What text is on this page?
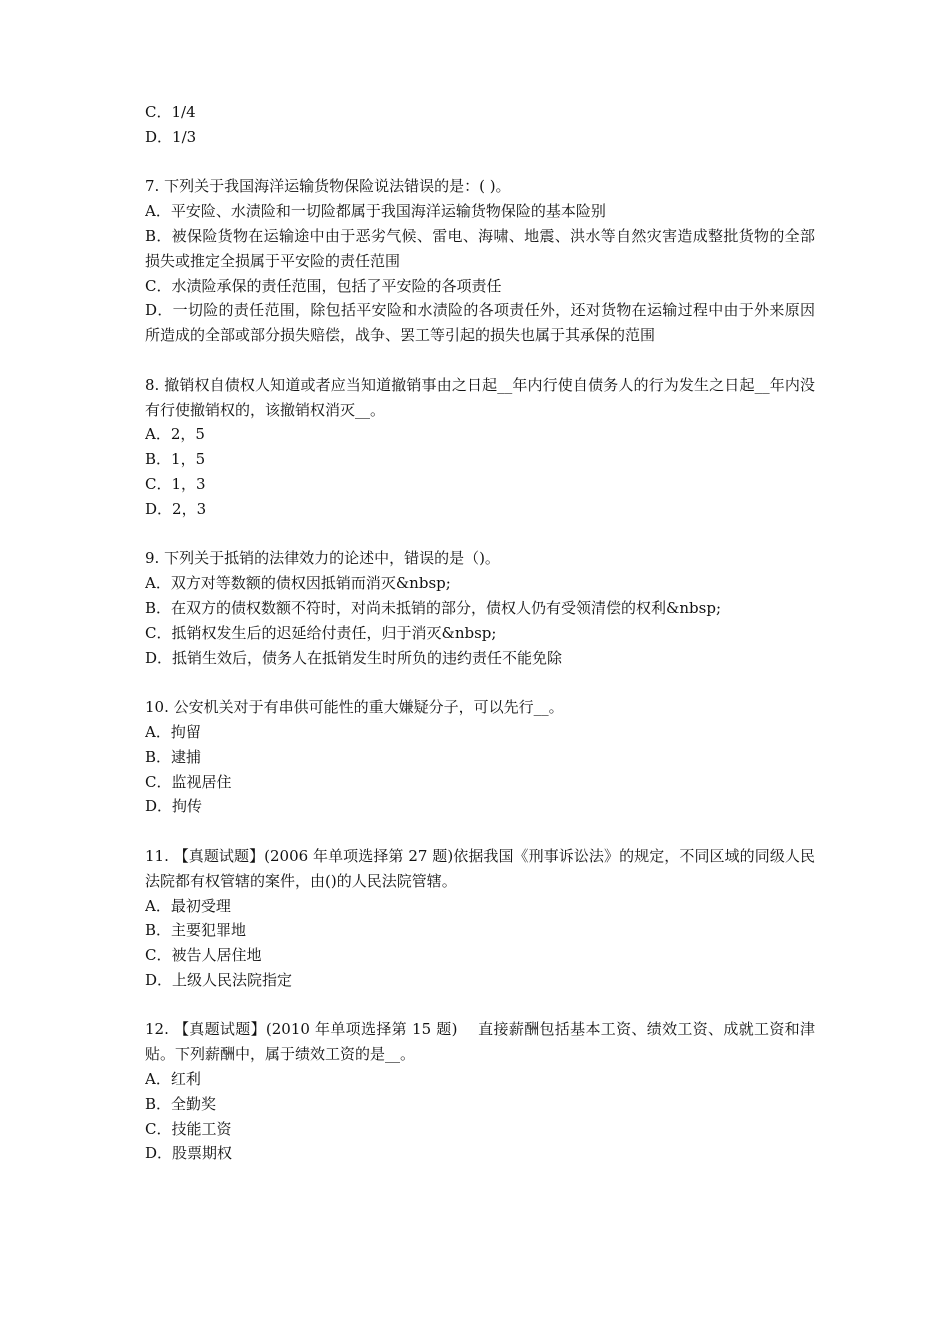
C．1/4
D．1/3
7. 下列关于我国海洋运输货物保险说法错误的是：( )。
A．平安险、水渍险和一切险都属于我国海洋运输货物保险的基本险别
B．被保险货物在运输途中由于恶劣气候、雷电、海啸、地震、洪水等自然灾害造成整批货物的全部损失或推定全损属于平安险的责任范围
C．水渍险承保的责任范围，包括了平安险的各项责任
D．一切险的责任范围，除包括平安险和水渍险的各项责任外，还对货物在运输过程中由于外来原因所造成的全部或部分损失赔偿，战争、罢工等引起的损失也属于其承保的范围
8. 撤销权自债权人知道或者应当知道撤销事由之日起__年内行使自债务人的行为发生之日起__年内没有行使撤销权的，该撤销权消灭__。
A．2，5
B．1，5
C．1，3
D．2，3
9. 下列关于抵销的法律效力的论述中，错误的是（)。
A．双方对等数额的债权因抵销而消灭&nbsp;
B．在双方的债权数额不符时，对尚未抵销的部分，债权人仍有受领清偿的权利&nbsp;
C．抵销权发生后的迟延给付责任，归于消灭&nbsp;
D．抵销生效后，债务人在抵销发生时所负的违约责任不能免除
10. 公安机关对于有串供可能性的重大嫌疑分子，可以先行__。
A．拘留
B．逮捕
C．监视居住
D．拘传
11. 【真题试题】(2006 年单项选择第 27 题)依据我国《刑事诉讼法》的规定，不同区域的同级人民法院都有权管辖的案件，由()的人民法院管辖。
A．最初受理
B．主要犯罪地
C．被告人居住地
D．上级人民法院指定
12. 【真题试题】(2010 年单项选择第 15 题)　 直接薪酬包括基本工资、绩效工资、成就工资和津贴。下列薪酬中，属于绩效工资的是__。
A．红利
B．全勤奖
C．技能工资
D．股票期权
